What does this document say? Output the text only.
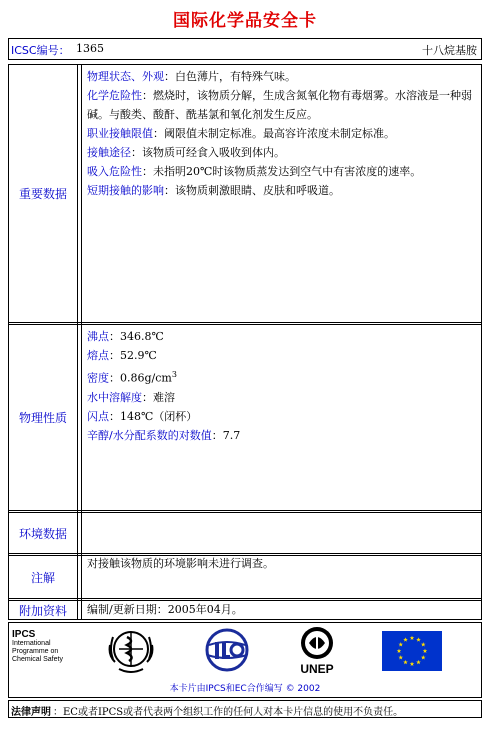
国际化学品安全卡
ICSC编号： 1365	十八烷基胺
重要数据
物理状态、外观：白色薄片，有特殊气味。
化学危险性：燃烧时，该物质分解，生成含氮氧化物有毒烟雾。水溶液是一种弱碱。与酸类、酸酐、酰基氯和氧化剂发生反应。
职业接触限值：阈限值未制定标准。最高容许浓度未制定标准。
接触途径：该物质可经食入吸收到体内。
吸入危险性：未指明20℃时该物质蒸发达到空气中有害浓度的速率。
短期接触的影响：该物质刺激眼睛、皮肤和呼吸道。
物理性质
沸点：346.8℃
熔点：52.9℃
密度：$0.86g/cm^3$
水中溶解度：难溶
闪点：148℃（闭杯）
辛醇/水分配系数的对数值：7.7
环境数据
注解
对接触该物质的环境影响未进行调查。
附加资料	编制/更新日期：2005年04月。
IPCS
International
Programme on
Chemical Safety
UNEP
本卡片由IPCS和EC合作编写 © 2002
法律声明 ： EC或者IPCS或者代表两个组织工作的任何人对本卡片信息的使用不负责任。
